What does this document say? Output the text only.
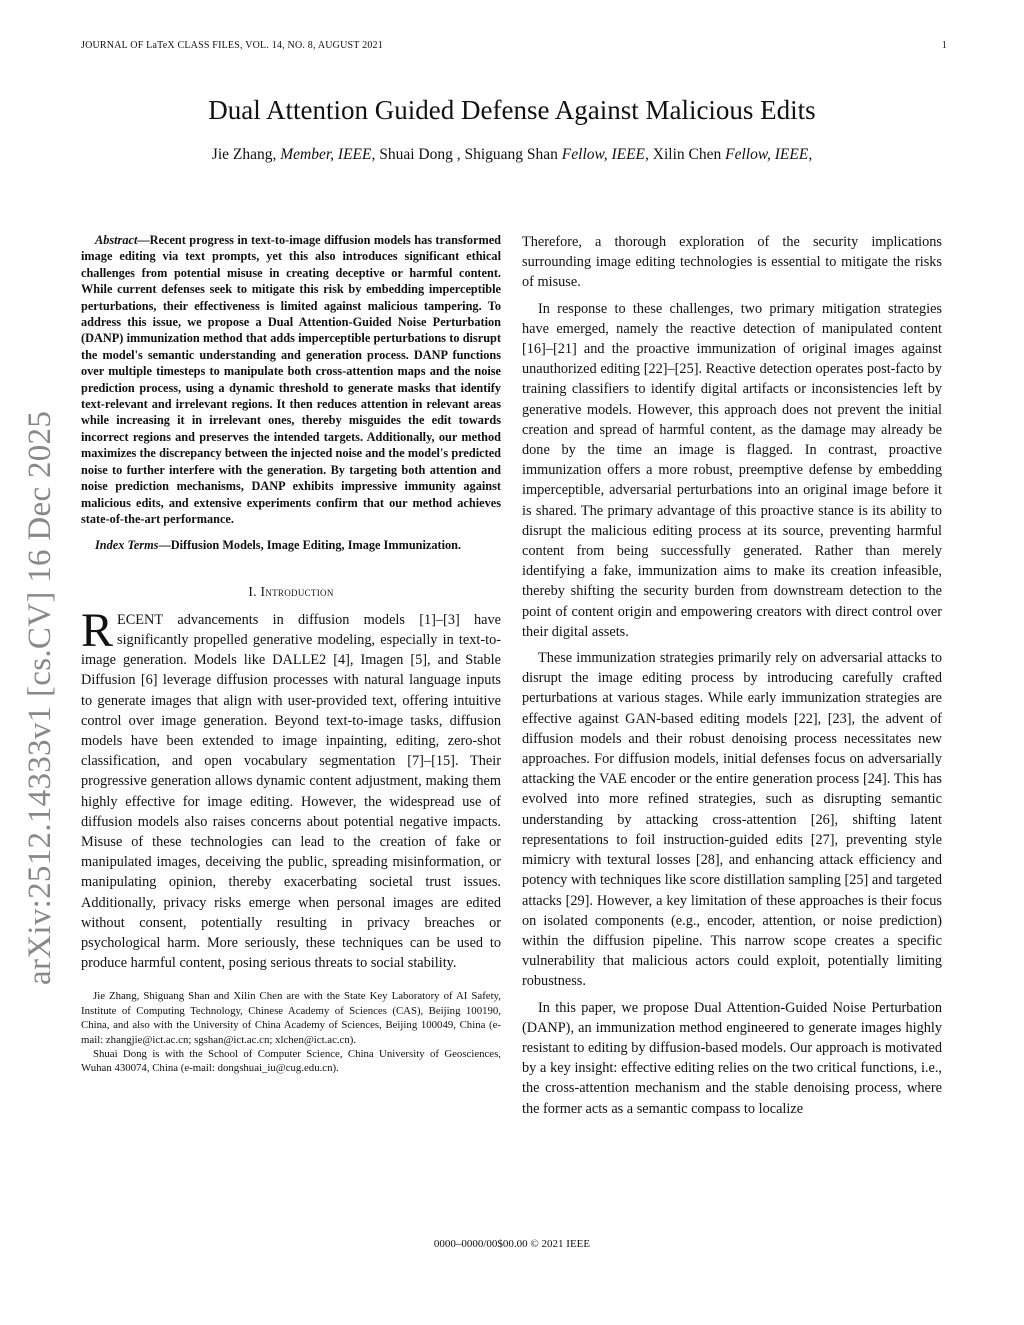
JOURNAL OF LaTeX CLASS FILES, VOL. 14, NO. 8, AUGUST 2021	1
Dual Attention Guided Defense Against Malicious Edits
Jie Zhang, Member, IEEE, Shuai Dong , Shiguang Shan Fellow, IEEE, Xilin Chen Fellow, IEEE,
arXiv:2512.14333v1 [cs.CV] 16 Dec 2025

Abstract—Recent progress in text-to-image diffusion models has transformed image editing via text prompts, yet this also introduces significant ethical challenges from potential misuse in creating deceptive or harmful content. While current defenses seek to mitigate this risk by embedding imperceptible perturbations, their effectiveness is limited against malicious tampering. To address this issue, we propose a Dual Attention-Guided Noise Perturbation (DANP) immunization method that adds imperceptible perturbations to disrupt the model's semantic understanding and generation process. DANP functions over multiple timesteps to manipulate both cross-attention maps and the noise prediction process, using a dynamic threshold to generate masks that identify text-relevant and irrelevant regions. It then reduces attention in relevant areas while increasing it in irrelevant ones, thereby misguides the edit towards incorrect regions and preserves the intended targets. Additionally, our method maximizes the discrepancy between the injected noise and the model's predicted noise to further interfere with the generation. By targeting both attention and noise prediction mechanisms, DANP exhibits impressive immunity against malicious edits, and extensive experiments confirm that our method achieves state-of-the-art performance.

Index Terms—Diffusion Models, Image Editing, Image Immunization.

I. Introduction

RECENT advancements in diffusion models [1]–[3] have significantly propelled generative modeling, especially in text-to-image generation. Models like DALLE2 [4], Imagen [5], and Stable Diffusion [6] leverage diffusion processes with natural language inputs to generate images that align with user-provided text, offering intuitive control over image generation. Beyond text-to-image tasks, diffusion models have been extended to image inpainting, editing, zero-shot classification, and open vocabulary segmentation [7]–[15]. Their progressive generation allows dynamic content adjustment, making them highly effective for image editing. However, the widespread use of diffusion models also raises concerns about potential negative impacts. Misuse of these technologies can lead to the creation of fake or manipulated images, deceiving the public, spreading misinformation, or manipulating opinion, thereby exacerbating societal trust issues. Additionally, privacy risks emerge when personal images are edited without consent, potentially resulting in privacy breaches or psychological harm. More seriously, these techniques can be used to produce harmful content, posing serious threats to social stability.

Jie Zhang, Shiguang Shan and Xilin Chen are with the State Key Laboratory of AI Safety, Institute of Computing Technology, Chinese Academy of Sciences (CAS), Beijing 100190, China, and also with the University of China Academy of Sciences, Beijing 100049, China (e-mail: zhangjie@ict.ac.cn; sgshan@ict.ac.cn; xlchen@ict.ac.cn).

Shuai Dong is with the School of Computer Science, China University of Geosciences, Wuhan 430074, China (e-mail: dongshuai_iu@cug.edu.cn).

Therefore, a thorough exploration of the security implications surrounding image editing technologies is essential to mitigate the risks of misuse.

In response to these challenges, two primary mitigation strategies have emerged, namely the reactive detection of manipulated content [16]–[21] and the proactive immunization of original images against unauthorized editing [22]–[25]. Reactive detection operates post-facto by training classifiers to identify digital artifacts or inconsistencies left by generative models. However, this approach does not prevent the initial creation and spread of harmful content, as the damage may already be done by the time an image is flagged. In contrast, proactive immunization offers a more robust, preemptive defense by embedding imperceptible, adversarial perturbations into an original image before it is shared. The primary advantage of this proactive stance is its ability to disrupt the malicious editing process at its source, preventing harmful content from being successfully generated. Rather than merely identifying a fake, immunization aims to make its creation infeasible, thereby shifting the security burden from downstream detection to the point of content origin and empowering creators with direct control over their digital assets.

These immunization strategies primarily rely on adversarial attacks to disrupt the image editing process by introducing carefully crafted perturbations at various stages. While early immunization strategies are effective against GAN-based editing models [22], [23], the advent of diffusion models and their robust denoising process necessitates new approaches. For diffusion models, initial defenses focus on adversarially attacking the VAE encoder or the entire generation process [24]. This has evolved into more refined strategies, such as disrupting semantic understanding by attacking cross-attention [26], shifting latent representations to foil instruction-guided edits [27], preventing style mimicry with textural losses [28], and enhancing attack efficiency and potency with techniques like score distillation sampling [25] and targeted attacks [29]. However, a key limitation of these approaches is their focus on isolated components (e.g., encoder, attention, or noise prediction) within the diffusion pipeline. This narrow scope creates a specific vulnerability that malicious actors could exploit, potentially limiting robustness.

In this paper, we propose Dual Attention-Guided Noise Perturbation (DANP), an immunization method engineered to generate images highly resistant to editing by diffusion-based models. Our approach is motivated by a key insight: effective editing relies on the two critical functions, i.e., the cross-attention mechanism and the stable denoising process, where the former acts as a semantic compass to localize

0000–0000/00$00.00 © 2021 IEEE
